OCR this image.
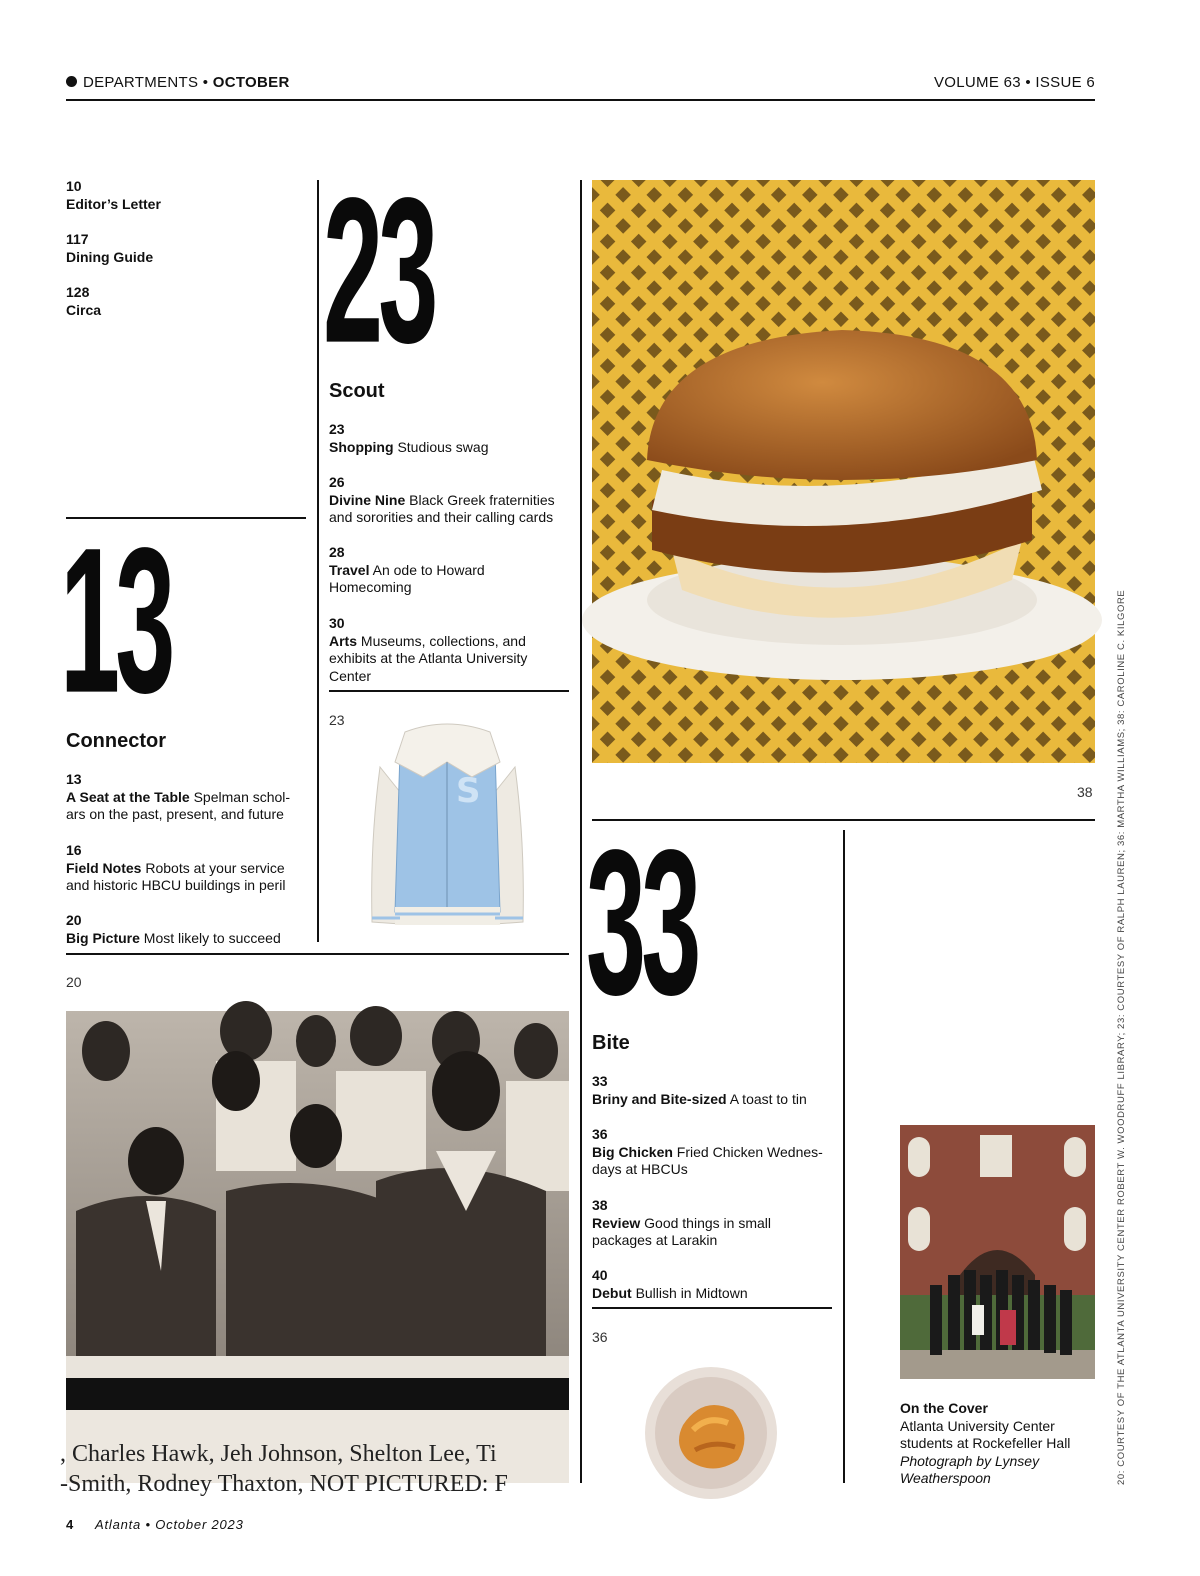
DEPARTMENTS • OCTOBER	VOLUME 63 • ISSUE 6
10
Editor’s Letter
117
Dining Guide
128
Circa
13
Connector
13
A Seat at the Table Spelman schol-ars on the past, present, and future
16
Field Notes Robots at your service and historic HBCU buildings in peril
20
Big Picture Most likely to succeed
20
, Charles Hawk, Jeh Johnson, Shelton Lee, Ti
-Smith, Rodney Thaxton, NOT PICTURED: F
23
Scout
23
Shopping Studious swag
26
Divine Nine Black Greek fraternities and sororities and their calling cards
28
Travel An ode to Howard Homecoming
30
Arts Museums, collections, and exhibits at the Atlanta University Center
23
S	38
33
Bite
33
Briny and Bite-sized A toast to tin
36
Big Chicken Fried Chicken Wednes-days at HBCUs
38
Review Good things in small packages at Larakin
40
Debut Bullish in Midtown
36
On the Cover
Atlanta University Center students at Rockefeller Hall
Photograph by Lynsey Weatherspoon	20: COURTESY OF THE ATLANTA UNIVERSITY CENTER ROBERT W. WOODRUFF LIBRARY; 23: COURTESY OF RALPH LAUREN; 36: MARTHA WILLIAMS; 38: CAROLINE C. KILGORE
4 Atlanta • October 2023
